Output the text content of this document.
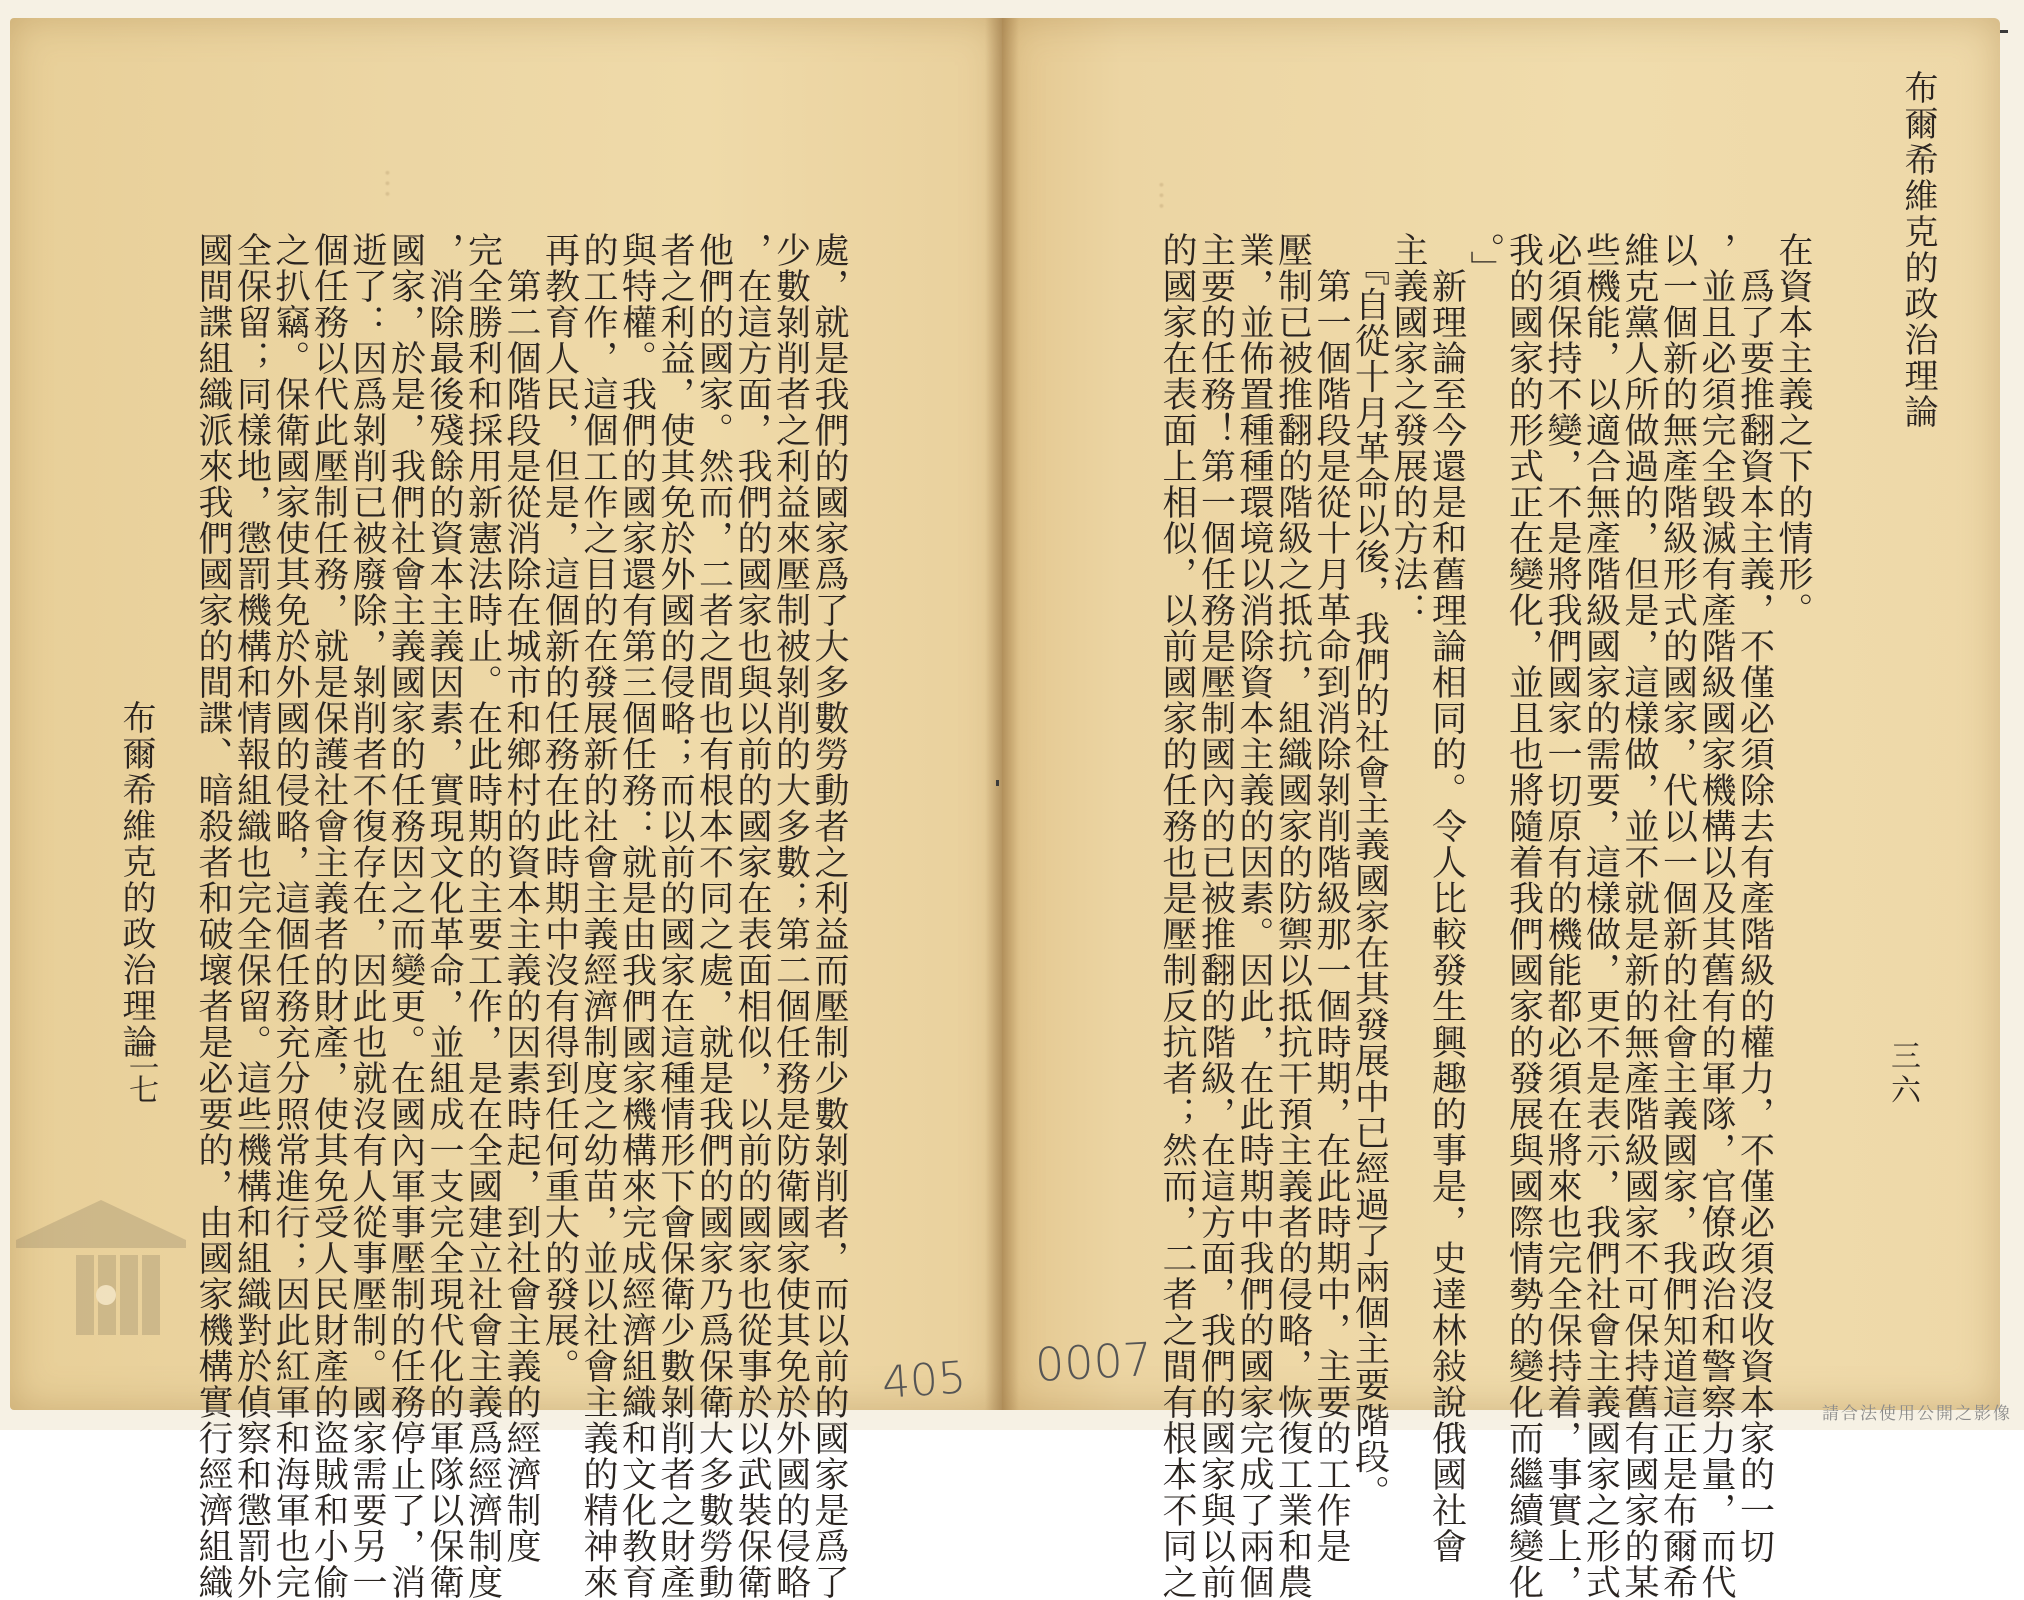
...	...	布爾希維克的政治理論
三六
在資本主義之下的情形。
　爲了要推翻資本主義，不僅必須除去有產階級的權力，不僅必須沒收資本家的一切
，並且必須完全毀滅有產階級國家機構以及其舊有的軍隊，官僚政治和警察力量，而代
以一個新的無產階級形式的國家，代以一個新的社會主義國家，我們知道這正是布爾希
維克黨人所做過的，但是，這樣做，並不就是新的無產階級國家不可保持舊有國家的某
些機能，以適合無產階級國家的需要，這樣做，更不是表示，我們社會主義國家之形式
必須保持不變，不是將我們國家一切原有的機能都必須在將來也完全保持着，事實上，
我的國家的形式正在變化，並且也將隨着我們國家的發展與國際情勢的變化而繼續變化
。」
　新理論至今還是和舊理論相同的。令人比較發生興趣的事是，史達林敍說俄國社會
主義國家之發展的方法：
　『自從十月革命以後，我們的社會主義國家在其發展中已經過了兩個主要階段。
　第一個階段是從十月革命到消除剝削階級那一個時期，在此時期中，主要的工作是
壓制已被推翻的階級之抵抗，組織國家的防禦以抵抗干預主義者的侵略，恢復工業和農
業，並佈置種種環境以消除資本主義的因素。因此，在此時期中我們的國家完成了兩個
主要的任務！第一個任務是壓制國內的已被推翻的階級，在這方面，我們的國家與以前
的國家在表面上相似，以前國家的任務也是壓制反抗者；然而，二者之間有根本不同之
布爾希維克的政治理論
三七	處，就是我們的國家爲了大多數勞動者之利益而壓制少數剝削者，而以前的國家是爲了
少數剝削者之利益來壓制被剝削的大多數；第二個任務是防衛國家使其免於外國的侵略
，在這方面，我們的國家也與以前的國家在表面相似，以前的國家也從事於以武裝保衛
他們的國家。然而，二者之間也有根本不同之處，就是我們的國家乃爲保衛大多數勞動
者之利益，使其免於外國的侵略；而以前的國家在這種情形下會保衛少數剝削者之財產
與特權。我們的國家還有第三個任務：就是由我們國家機構來完成經濟組織和文化教育
的工作，這個工作之目的在發展新的社會主義經濟制度之幼苗，並以社會主義的精神來
再教育人民，但是，這個新的任務在此時期中沒有得到任何重大的發展。
　第二個階段是從消除在城市和鄉村的資本主義的因素時起，到社會主義的經濟制度
完全勝利和採用新憲法時止。在此時期的主要工作，是在全國建立社會主義爲經濟制度
，消除最後殘餘的資本主義因素，實現文化革命，並組成一支完全現代化的軍隊以保衛
國家，於是，我們社會主義國家的任務因之而變更。在國內軍事壓制的任務停止了，消
逝了：因爲剝削已被廢除，剝削者不復存在，因此也就沒有人從事壓制。國家需要另一
個任務以代此壓制任務，就是保護社會主義者的財產，使其免受人民財產的盜賊和小偷
之扒竊。保衛國家使其免於外國的侵略，這個任務充分照常進行；因此紅軍和海軍也完
全保留；同樣地，懲罰機構和情報組織也完全保留。這些機構和組織對於偵察和懲罰外
國間諜組織派來我們國家的間諜、暗殺者和破壞者是必要的，由國家機構實行經濟組織	405 0007
請合法使用公開之影像
